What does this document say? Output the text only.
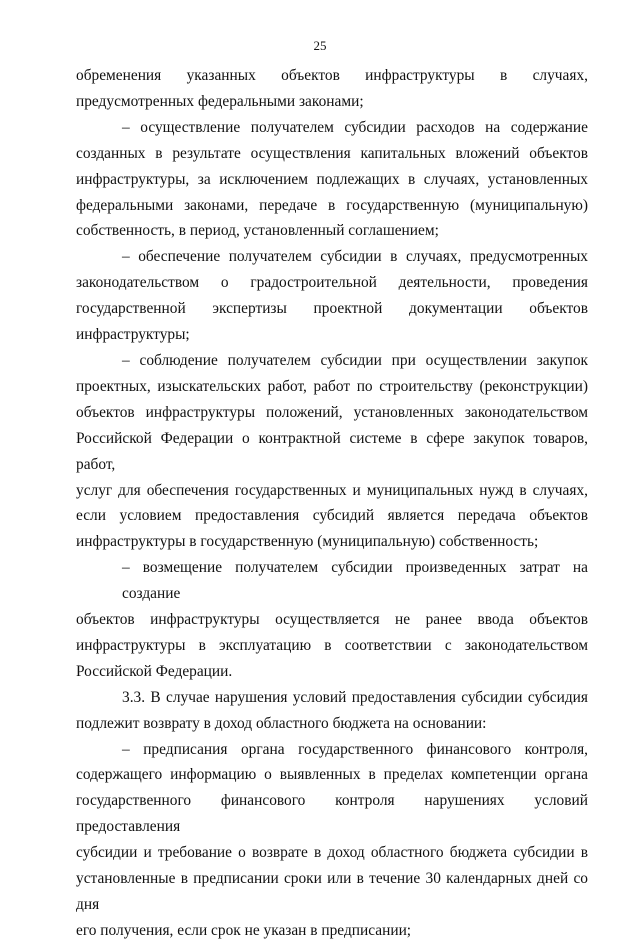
25
обременения указанных объектов инфраструктуры в случаях,
предусмотренных федеральными законами;
– осуществление получателем субсидии расходов на содержание
созданных в результате осуществления капитальных вложений объектов
инфраструктуры, за исключением подлежащих в случаях, установленных
федеральными законами, передаче в государственную (муниципальную)
собственность, в период, установленный соглашением;
– обеспечение получателем субсидии в случаях, предусмотренных
законодательством о градостроительной деятельности, проведения
государственной экспертизы проектной документации объектов
инфраструктуры;
– соблюдение получателем субсидии при осуществлении закупок
проектных, изыскательских работ, работ по строительству (реконструкции)
объектов инфраструктуры положений, установленных законодательством
Российской Федерации о контрактной системе в сфере закупок товаров, работ,
услуг для обеспечения государственных и муниципальных нужд в случаях,
если условием предоставления субсидий является передача объектов
инфраструктуры в государственную (муниципальную) собственность;
– возмещение получателем субсидии произведенных затрат на создание
объектов инфраструктуры осуществляется не ранее ввода объектов
инфраструктуры в эксплуатацию в соответствии с законодательством
Российской Федерации.
3.3. В случае нарушения условий предоставления субсидии субсидия
подлежит возврату в доход областного бюджета на основании:
– предписания органа государственного финансового контроля,
содержащего информацию о выявленных в пределах компетенции органа
государственного финансового контроля нарушениях условий предоставления
субсидии и требование о возврате в доход областного бюджета субсидии в
установленные в предписании сроки или в течение 30 календарных дней со дня
его получения, если срок не указан в предписании;
